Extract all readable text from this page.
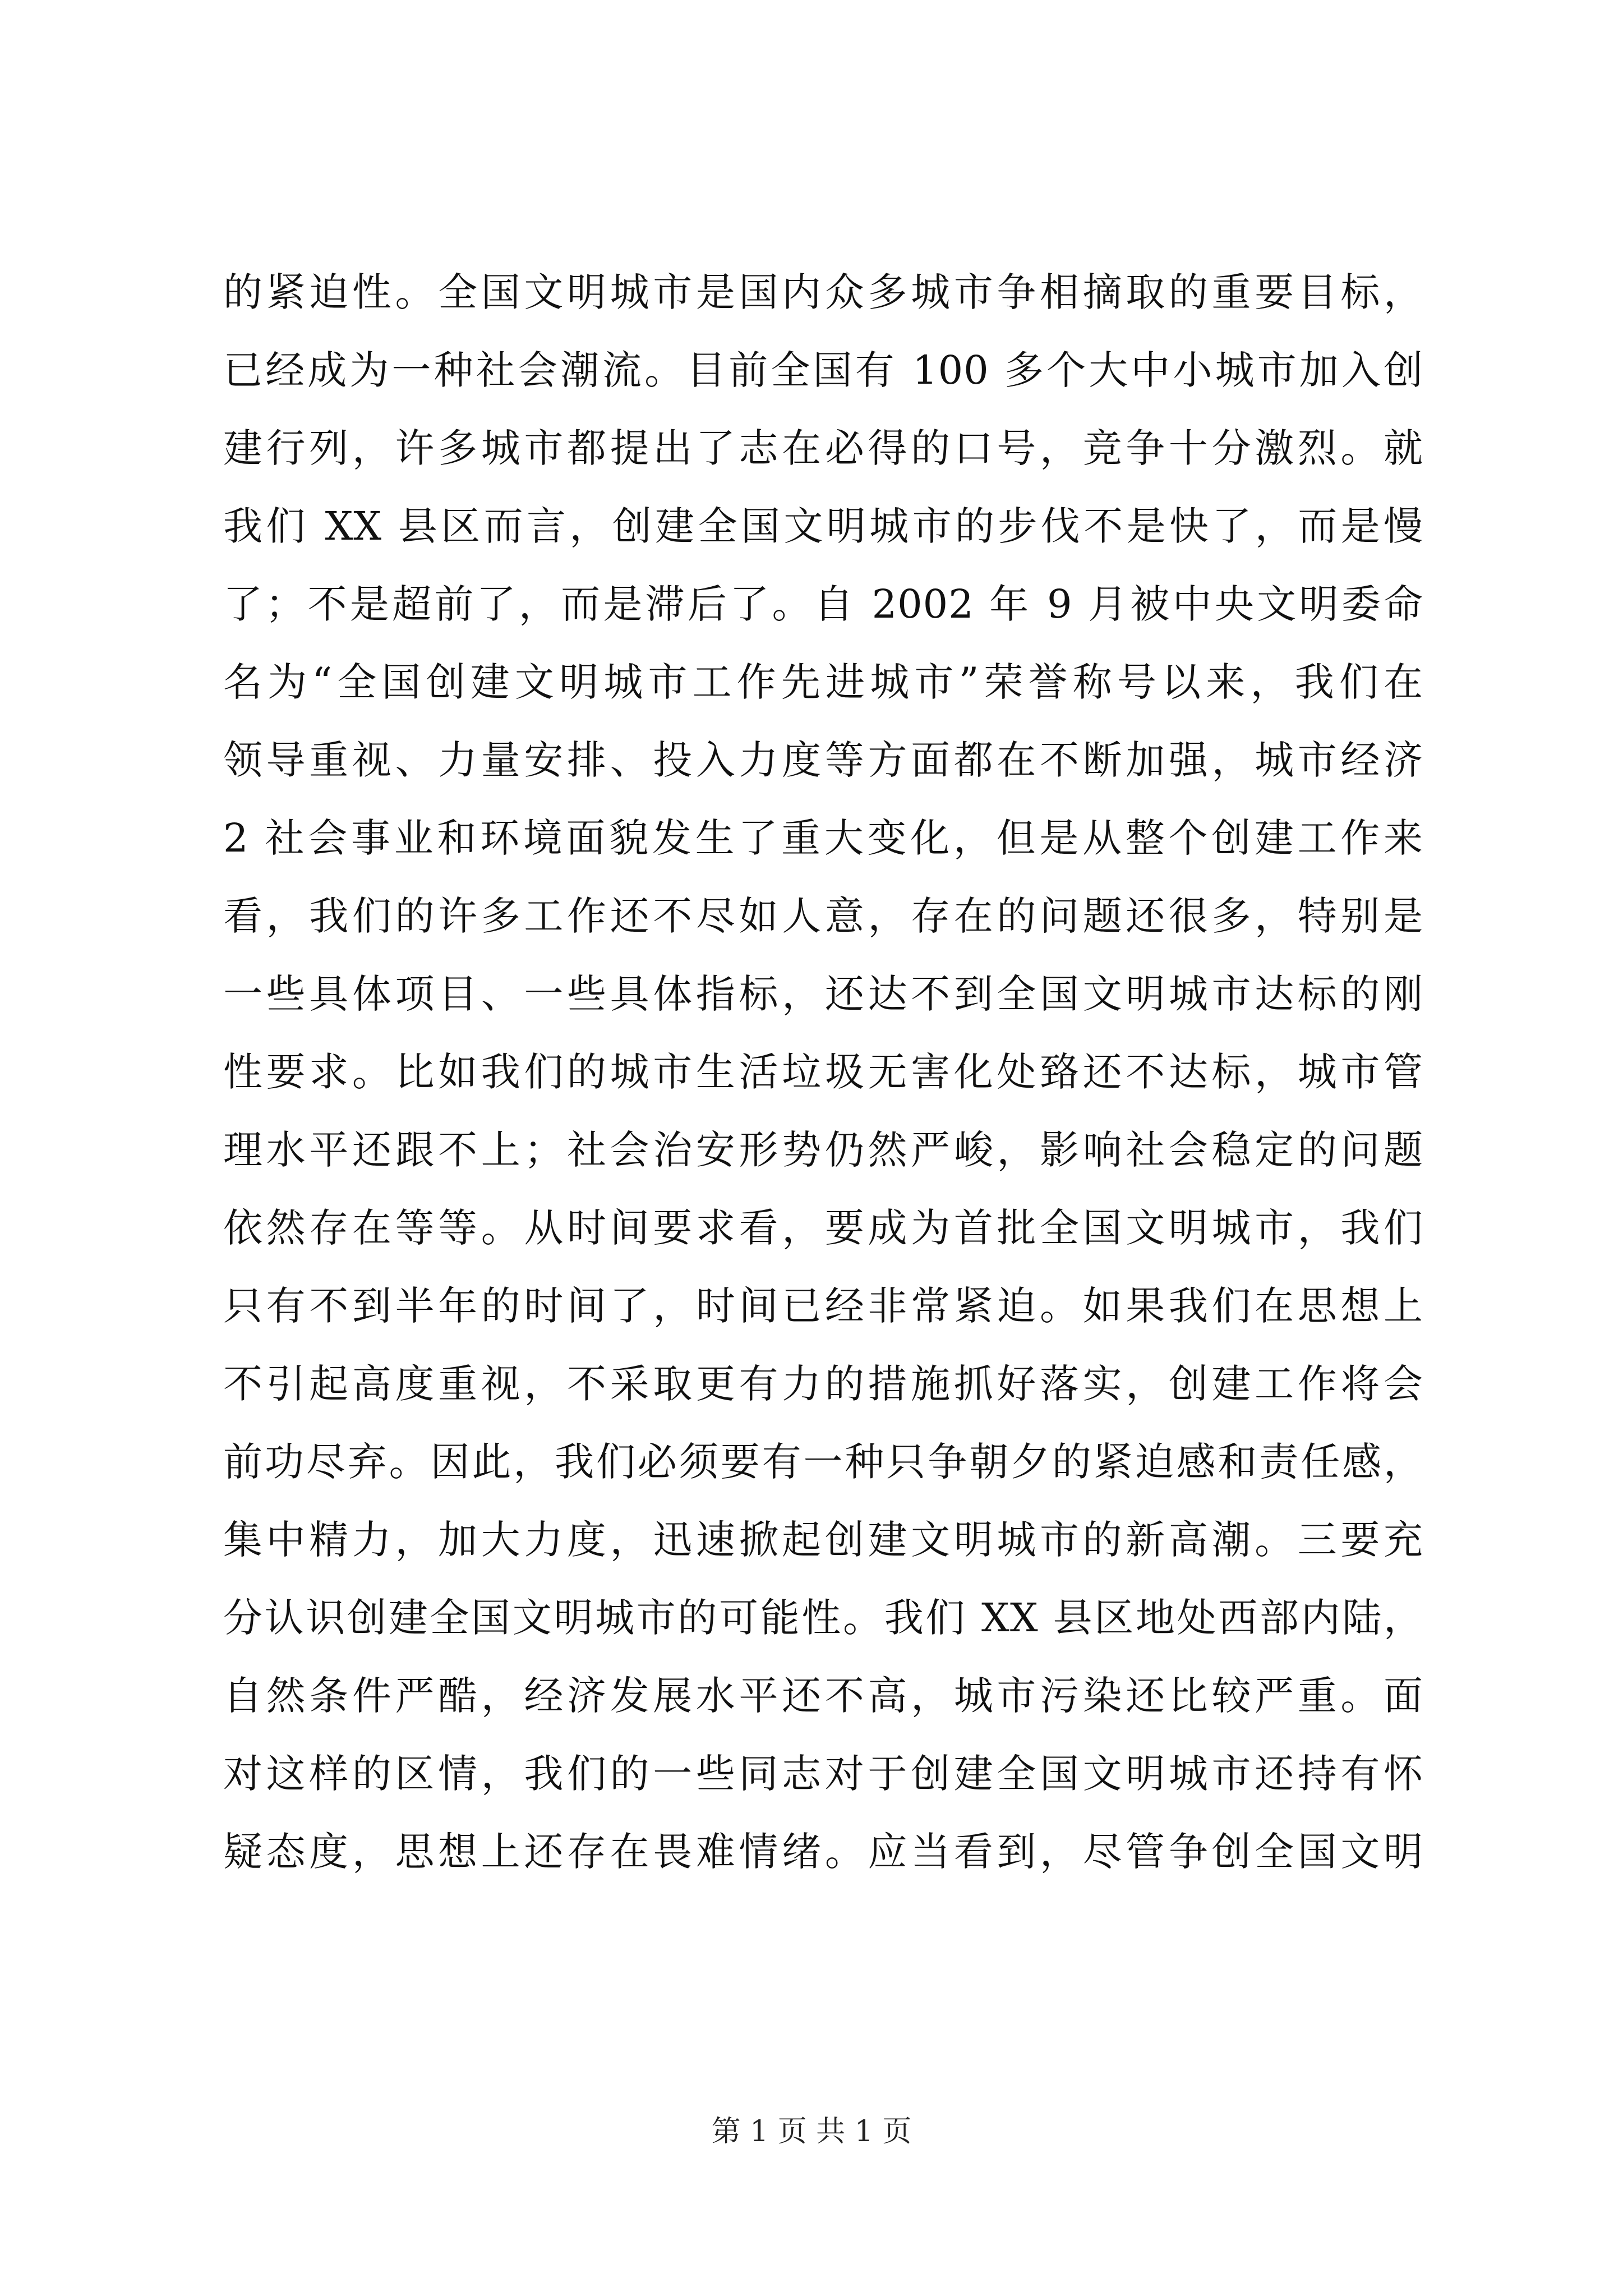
的紧迫性。全国文明城市是国内众多城市争相摘取的重要目标，
已经成为一种社会潮流。目前全国有 100 多个大中小城市加入创
建行列，许多城市都提出了志在必得的口号，竞争十分激烈。就
我们 XX 县区而言，创建全国文明城市的步伐不是快了，而是慢
了；不是超前了，而是滞后了。自 2002 年 9 月被中央文明委命
名为“全国创建文明城市工作先进城市”荣誉称号以来，我们在
领导重视、力量安排、投入力度等方面都在不断加强，城市经济
2 社会事业和环境面貌发生了重大变化，但是从整个创建工作来
看，我们的许多工作还不尽如人意，存在的问题还很多，特别是
一些具体项目、一些具体指标，还达不到全国文明城市达标的刚
性要求。比如我们的城市生活垃圾无害化处臵还不达标，城市管
理水平还跟不上；社会治安形势仍然严峻，影响社会稳定的问题
依然存在等等。从时间要求看，要成为首批全国文明城市，我们
只有不到半年的时间了，时间已经非常紧迫。如果我们在思想上
不引起高度重视，不采取更有力的措施抓好落实，创建工作将会
前功尽弃。因此，我们必须要有一种只争朝夕的紧迫感和责任感，
集中精力，加大力度，迅速掀起创建文明城市的新高潮。三要充
分认识创建全国文明城市的可能性。我们 XX 县区地处西部内陆，
自然条件严酷，经济发展水平还不高，城市污染还比较严重。面
对这样的区情，我们的一些同志对于创建全国文明城市还持有怀
疑态度，思想上还存在畏难情绪。应当看到，尽管争创全国文明
第 1 页 共 1 页
